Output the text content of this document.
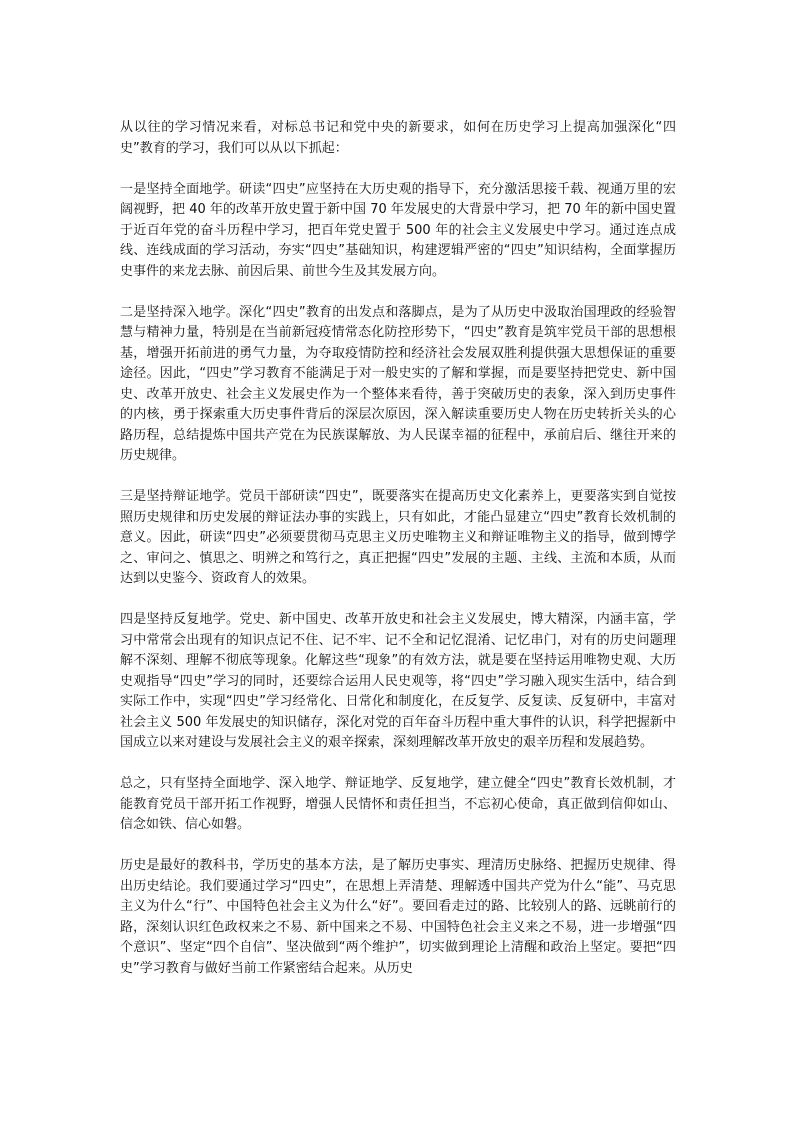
从以往的学习情况来看，对标总书记和党中央的新要求，如何在历史学习上提高加强深化“四史”教育的学习，我们可以从以下抓起：

一是坚持全面地学。研读“四史”应坚持在大历史观的指导下，充分激活思接千载、视通万里的宏阔视野，把 40 年的改革开放史置于新中国 70 年发展史的大背景中学习，把 70 年的新中国史置于近百年党的奋斗历程中学习，把百年党史置于 500 年的社会主义发展史中学习。通过连点成线、连线成面的学习活动，夯实“四史”基础知识，构建逻辑严密的“四史”知识结构，全面掌握历史事件的来龙去脉、前因后果、前世今生及其发展方向。

二是坚持深入地学。深化“四史”教育的出发点和落脚点，是为了从历史中汲取治国理政的经验智慧与精神力量，特别是在当前新冠疫情常态化防控形势下，“四史”教育是筑牢党员干部的思想根基，增强开拓前进的勇气力量，为夺取疫情防控和经济社会发展双胜利提供强大思想保证的重要途径。因此，“四史”学习教育不能满足于对一般史实的了解和掌握，而是要坚持把党史、新中国史、改革开放史、社会主义发展史作为一个整体来看待，善于突破历史的表象，深入到历史事件的内核，勇于探索重大历史事件背后的深层次原因，深入解读重要历史人物在历史转折关头的心路历程，总结提炼中国共产党在为民族谋解放、为人民谋幸福的征程中，承前启后、继往开来的历史规律。

三是坚持辩证地学。党员干部研读“四史”，既要落实在提高历史文化素养上，更要落实到自觉按照历史规律和历史发展的辩证法办事的实践上，只有如此，才能凸显建立“四史”教育长效机制的意义。因此，研读“四史”必须要贯彻马克思主义历史唯物主义和辩证唯物主义的指导，做到博学之、审问之、慎思之、明辨之和笃行之，真正把握“四史”发展的主题、主线、主流和本质，从而达到以史鉴今、资政育人的效果。

四是坚持反复地学。党史、新中国史、改革开放史和社会主义发展史，博大精深，内涵丰富，学习中常常会出现有的知识点记不住、记不牢、记不全和记忆混淆、记忆串门，对有的历史问题理解不深刻、理解不彻底等现象。化解这些“现象”的有效方法，就是要在坚持运用唯物史观、大历史观指导“四史”学习的同时，还要综合运用人民史观等，将“四史”学习融入现实生活中，结合到实际工作中，实现“四史”学习经常化、日常化和制度化，在反复学、反复读、反复研中，丰富对社会主义 500 年发展史的知识储存，深化对党的百年奋斗历程中重大事件的认识，科学把握新中国成立以来对建设与发展社会主义的艰辛探索，深刻理解改革开放史的艰辛历程和发展趋势。

总之，只有坚持全面地学、深入地学、辩证地学、反复地学，建立健全“四史”教育长效机制，才能教育党员干部开拓工作视野，增强人民情怀和责任担当，不忘初心使命，真正做到信仰如山、信念如铁、信心如磐。

历史是最好的教科书，学历史的基本方法，是了解历史事实、理清历史脉络、把握历史规律、得出历史结论。我们要通过学习“四史”，在思想上弄清楚、理解透中国共产党为什么“能”、马克思主义为什么“行”、中国特色社会主义为什么“好”。要回看走过的路、比较别人的路、远眺前行的路，深刻认识红色政权来之不易、新中国来之不易、中国特色社会主义来之不易，进一步增强“四个意识”、坚定“四个自信”、坚决做到“两个维护”，切实做到理论上清醒和政治上坚定。要把“四史”学习教育与做好当前工作紧密结合起来。从历史
